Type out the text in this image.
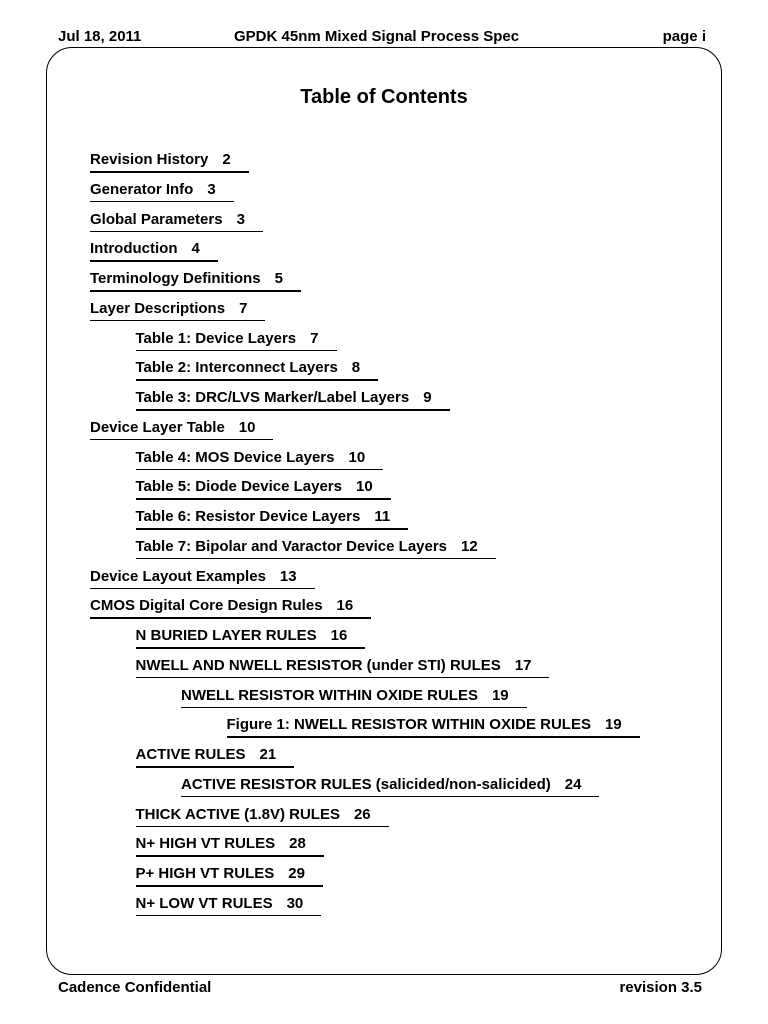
Jul 18, 2011	GPDK 45nm Mixed Signal Process Spec	page i
Table of Contents
Revision History 2
Generator Info 3
Global Parameters 3
Introduction 4
Terminology Definitions 5
Layer Descriptions 7
Table 1: Device Layers 7
Table 2: Interconnect Layers 8
Table 3: DRC/LVS Marker/Label Layers 9
Device Layer Table 10
Table 4: MOS Device Layers 10
Table 5: Diode Device Layers 10
Table 6: Resistor Device Layers 11
Table 7: Bipolar and Varactor Device Layers 12
Device Layout Examples 13
CMOS Digital Core Design Rules 16
N BURIED LAYER RULES 16
NWELL AND NWELL RESISTOR (under STI) RULES 17
NWELL RESISTOR WITHIN OXIDE RULES 19
Figure 1: NWELL RESISTOR WITHIN OXIDE RULES 19
ACTIVE RULES 21
ACTIVE RESISTOR RULES (salicided/non-salicided) 24
THICK ACTIVE (1.8V) RULES 26
N+ HIGH VT RULES 28
P+ HIGH VT RULES 29
N+ LOW VT RULES 30
Cadence Confidential	revision 3.5
